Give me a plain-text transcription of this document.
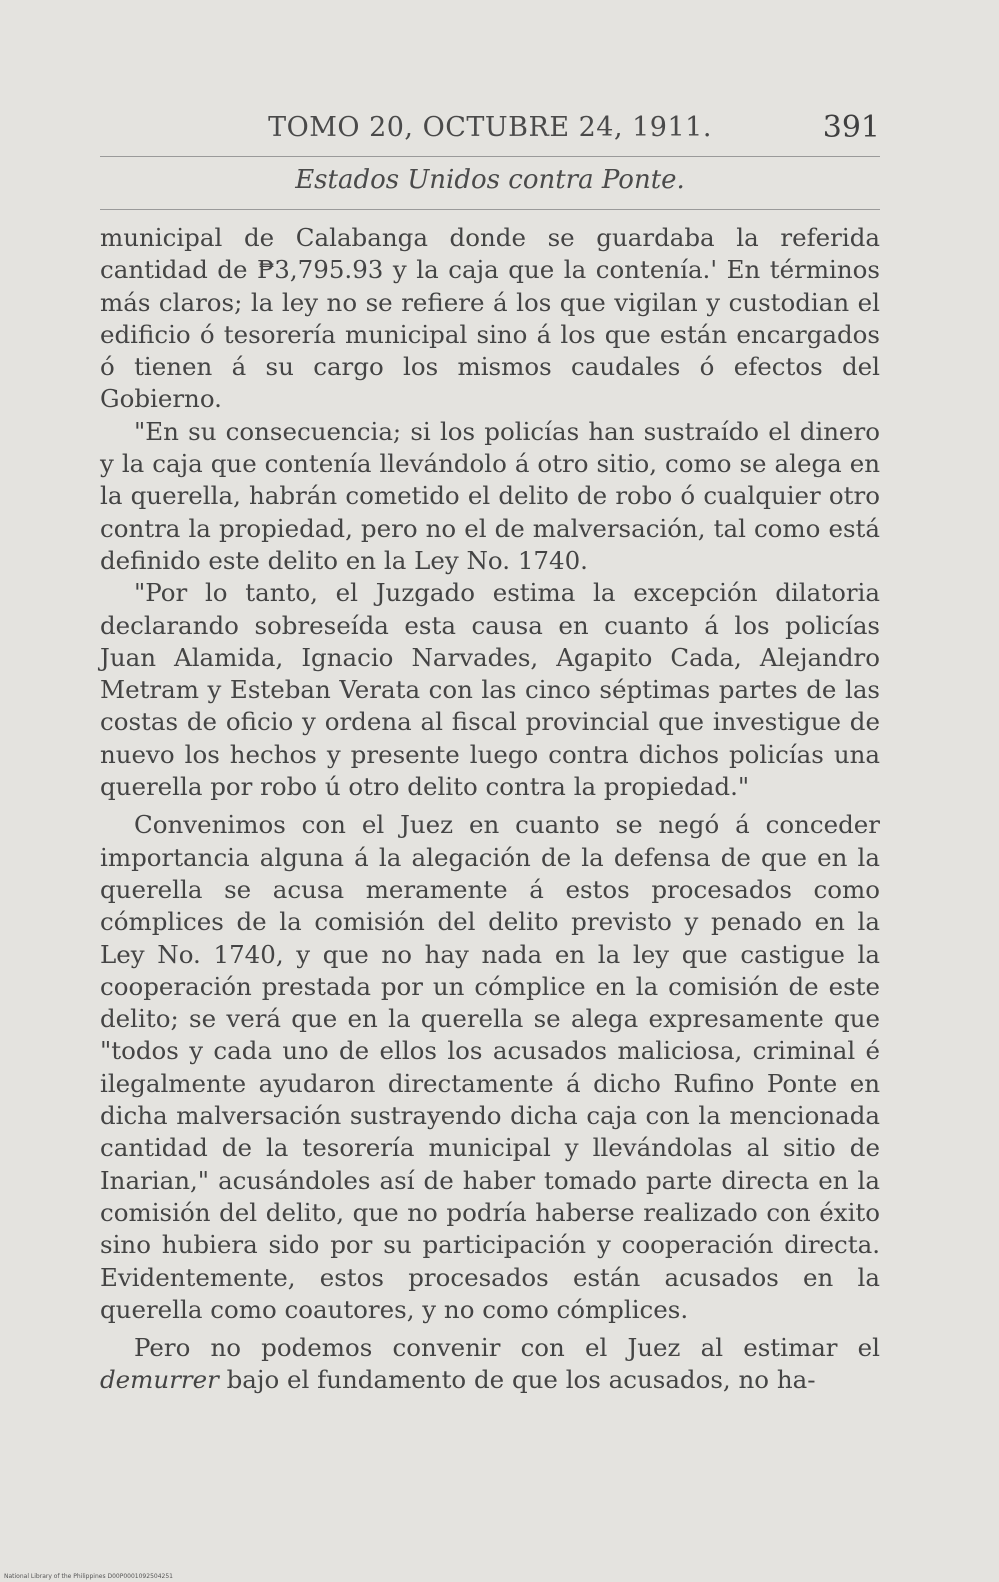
TOMO 20, OCTUBRE 24, 1911.	391
Estados Unidos contra Ponte.

municipal de Calabanga donde se guardaba la referida cantidad de ₱3,795.93 y la caja que la contenía.' En términos más claros; la ley no se refiere á los que vigilan y custodian el edificio ó tesorería municipal sino á los que están encargados ó tienen á su cargo los mismos caudales ó efectos del Gobierno.

"En su consecuencia; si los policías han sustraído el dinero y la caja que contenía llevándolo á otro sitio, como se alega en la querella, habrán cometido el delito de robo ó cualquier otro contra la propiedad, pero no el de malversación, tal como está definido este delito en la Ley No. 1740.

"Por lo tanto, el Juzgado estima la excepción dilatoria declarando sobreseída esta causa en cuanto á los policías Juan Alamida, Ignacio Narvades, Agapito Cada, Alejandro Metram y Esteban Verata con las cinco séptimas partes de las costas de oficio y ordena al fiscal provincial que investigue de nuevo los hechos y presente luego contra dichos policías una querella por robo ú otro delito contra la propiedad."

Convenimos con el Juez en cuanto se negó á conceder importancia alguna á la alegación de la defensa de que en la querella se acusa meramente á estos procesados como cómplices de la comisión del delito previsto y penado en la Ley No. 1740, y que no hay nada en la ley que castigue la cooperación prestada por un cómplice en la comisión de este delito; se verá que en la querella se alega expresamente que "todos y cada uno de ellos los acusados maliciosa, criminal é ilegalmente ayudaron directamente á dicho Rufino Ponte en dicha malversación sustrayendo dicha caja con la mencionada cantidad de la tesorería municipal y llevándolas al sitio de Inarian," acusándoles así de haber tomado parte directa en la comisión del delito, que no podría haberse realizado con éxito sino hubiera sido por su participación y cooperación directa. Evidentemente, estos procesados están acusados en la querella como coautores, y no como cómplices.

Pero no podemos convenir con el Juez al estimar el demurrer bajo el fundamento de que los acusados, no ha-

National Library of the Philippines D00P0001092504251
